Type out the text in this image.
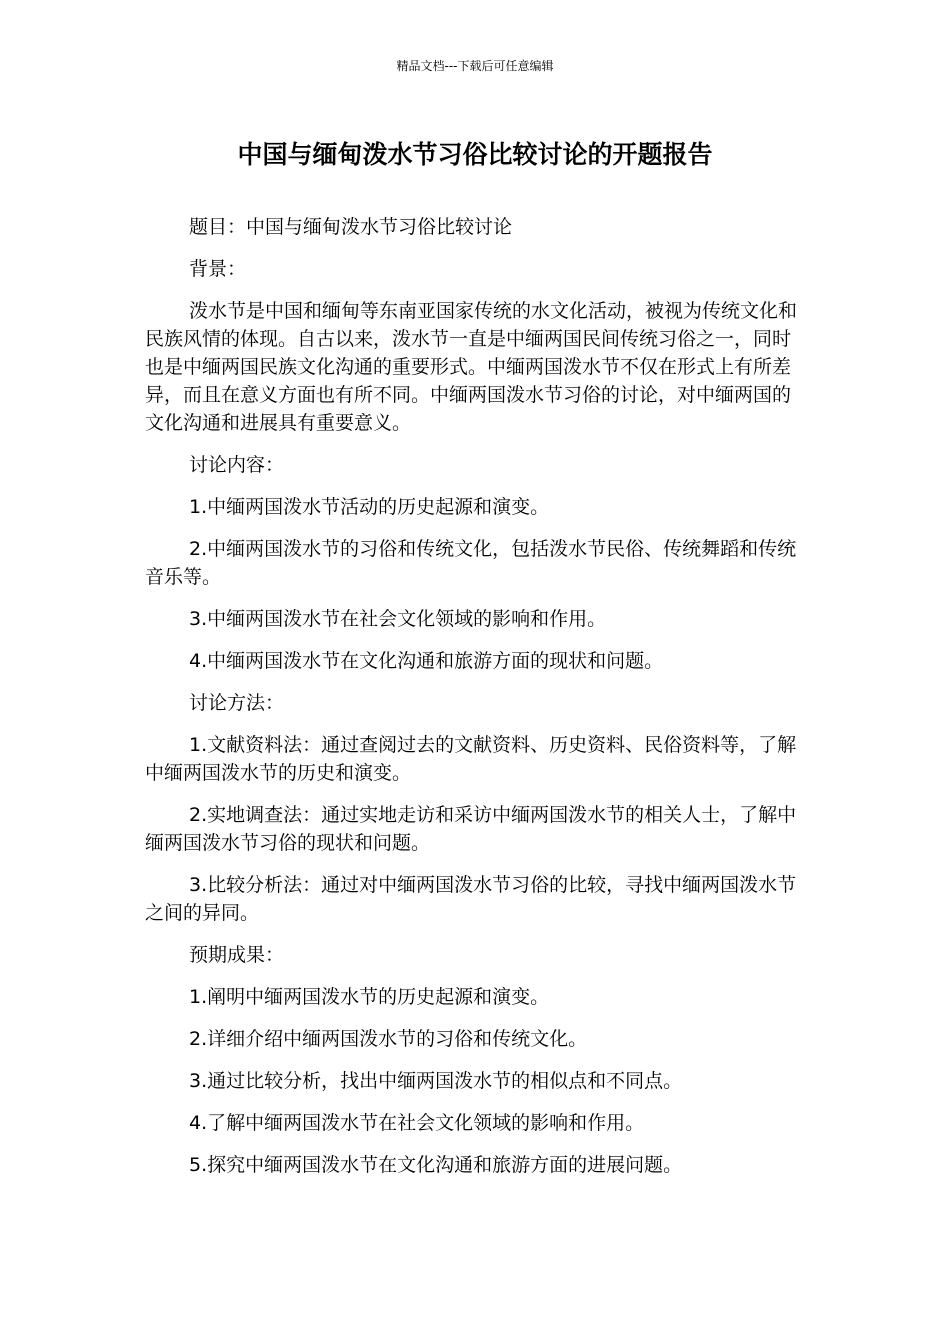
精品文档---下载后可任意编辑
中国与缅甸泼水节习俗比较讨论的开题报告

题目：中国与缅甸泼水节习俗比较讨论

背景：

泼水节是中国和缅甸等东南亚国家传统的水文化活动，被视为传统文化和民族风情的体现。自古以来，泼水节一直是中缅两国民间传统习俗之一，同时也是中缅两国民族文化沟通的重要形式。中缅两国泼水节不仅在形式上有所差异，而且在意义方面也有所不同。中缅两国泼水节习俗的讨论，对中缅两国的文化沟通和进展具有重要意义。

讨论内容：

1.中缅两国泼水节活动的历史起源和演变。

2.中缅两国泼水节的习俗和传统文化，包括泼水节民俗、传统舞蹈和传统音乐等。

3.中缅两国泼水节在社会文化领域的影响和作用。

4.中缅两国泼水节在文化沟通和旅游方面的现状和问题。

讨论方法：

1.文献资料法：通过查阅过去的文献资料、历史资料、民俗资料等，了解中缅两国泼水节的历史和演变。

2.实地调查法：通过实地走访和采访中缅两国泼水节的相关人士，了解中缅两国泼水节习俗的现状和问题。

3.比较分析法：通过对中缅两国泼水节习俗的比较，寻找中缅两国泼水节之间的异同。

预期成果：

1.阐明中缅两国泼水节的历史起源和演变。

2.详细介绍中缅两国泼水节的习俗和传统文化。

3.通过比较分析，找出中缅两国泼水节的相似点和不同点。

4.了解中缅两国泼水节在社会文化领域的影响和作用。

5.探究中缅两国泼水节在文化沟通和旅游方面的进展问题。
